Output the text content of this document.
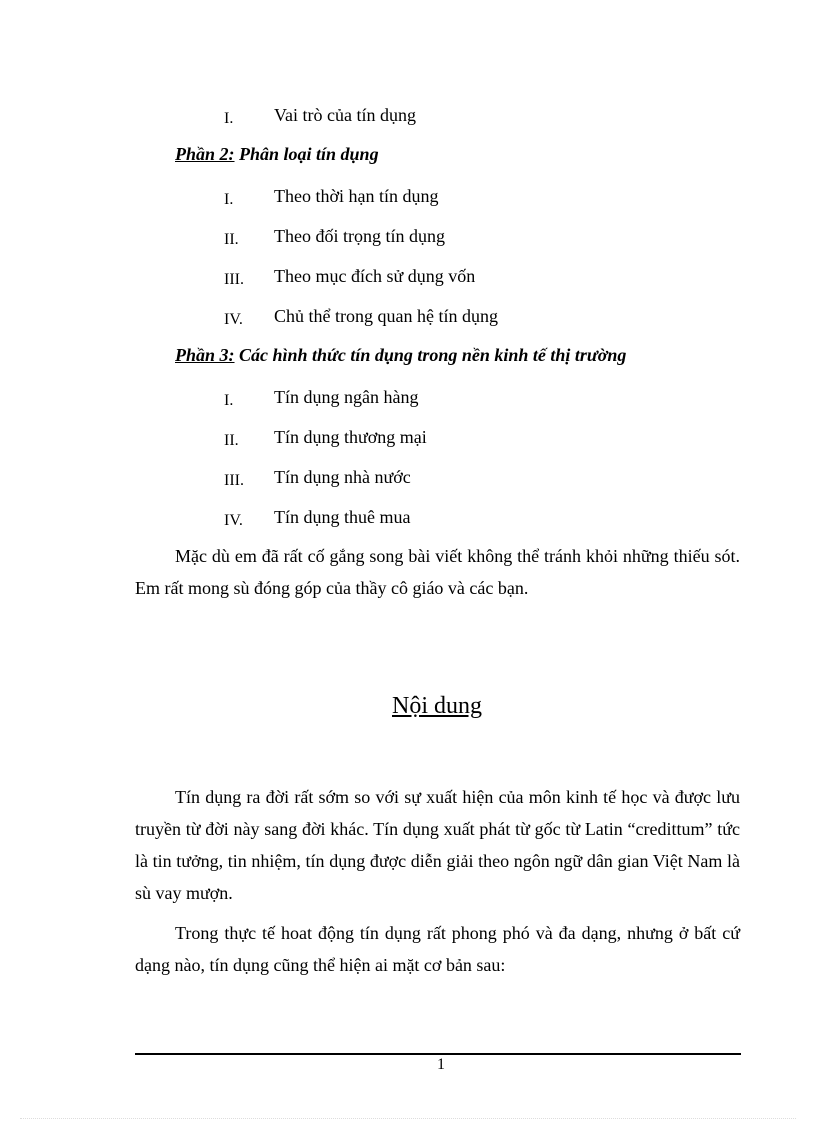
I. Vai trò của tín dụng
Phần 2: Phân loại tín dụng
I. Theo thời hạn tín dụng
II. Theo đối trọng tín dụng
III. Theo mục đích sử dụng vốn
IV. Chủ thể trong quan hệ tín dụng
Phần 3: Các hình thức tín dụng trong nền kinh tế thị trường
I. Tín dụng ngân hàng
II. Tín dụng thương mại
III. Tín dụng nhà nước
IV. Tín dụng thuê mua

Mặc dù em đã rất cố gắng song bài viết không thể tránh khỏi những thiếu sót. Em rất mong sù đóng góp của thầy cô giáo và các bạn.

Nội dung

Tín dụng ra đời rất sớm so với sự xuất hiện của môn kinh tế học và được lưu truyền từ đời này sang đời khác. Tín dụng xuất phát từ gốc từ Latin “credittum” tức là tin tưởng, tin nhiệm, tín dụng được diễn giải theo ngôn ngữ dân gian Việt Nam là sù vay mượn.

Trong thực tế hoat động tín dụng rất phong phó và đa dạng, nhưng ở bất cứ dạng nào, tín dụng cũng thể hiện ai mặt cơ bản sau:

1
